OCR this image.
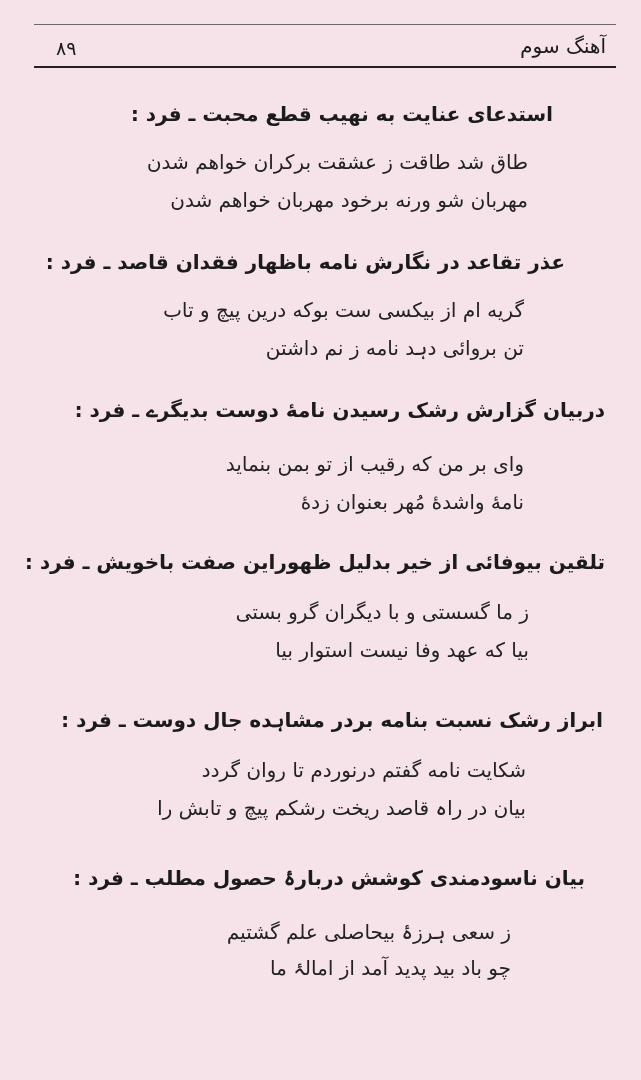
۸۹	آهنگ سوم
استدعای عنایت به نهیب قطع محبت ـ فرد :
طاق شد طاقت ز عشقت برکران خواهم شدن
مهربان شو ورنه برخود مهربان خواهم شدن
عذر تقاعد در نگارش نامه باظهار فقدان قاصد ـ فرد :
گریه ام از بیکسی ست بوکه درین پیچ و تاب
تن بروائی دہد نامه ز نم داشتن
دربیان گزارش رشک رسیدن نامهٔ دوست بدیگرے ـ فرد :
وای بر من که رقیب از تو بمن بنماید
نامهٔ واشدهٔ مُهر بعنوان زدهٔ
تلقین بیوفائی از خیر بدلیل ظهوراین صفت باخویش ـ فرد :
ز ما گسستی و با دیگران گرو بستی
بیا که عهد وفا نیست استوار بیا
ابراز رشک نسبت بنامه بردر مشاہده جال دوست ـ فرد :
شکایت نامه گفتم درنوردم تا روان گردد
بیان در راہ قاصد ریخت رشکم پیچ و تابش را
بیان ناسودمندی کوشش دربارۂ حصول مطلب ـ فرد :
ز سعی ہرزۂ بیحاصلی علم گشتیم
چو باد بید پدید آمد از امالۂ ما
